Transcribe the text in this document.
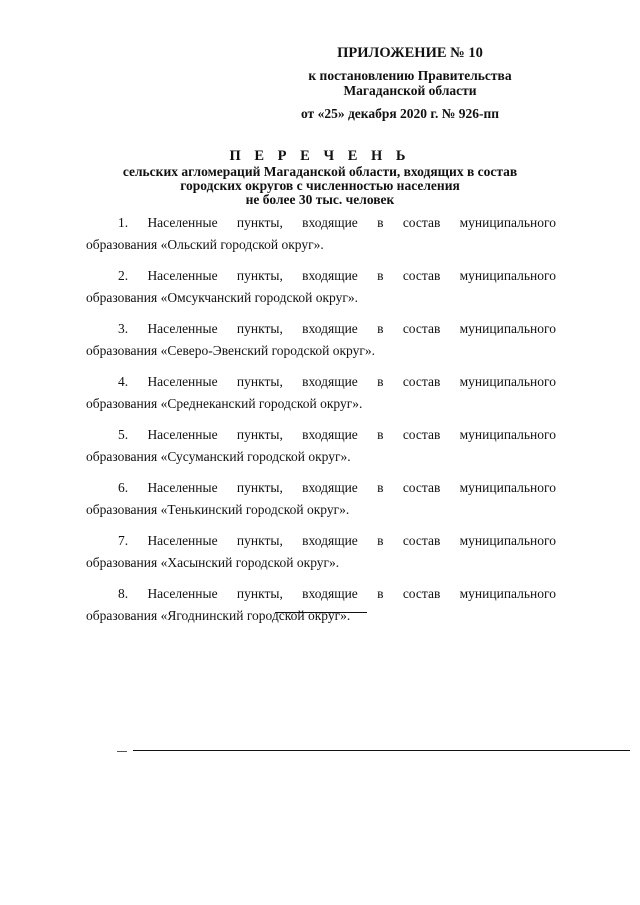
ПРИЛОЖЕНИЕ № 10
к постановлению Правительства
Магаданской области
от «25» декабря 2020 г. № 926-пп
П Е Р Е Ч Е Н Ь
сельских агломераций Магаданской области, входящих в состав
городских округов с численностью населения
не более 30 тыс. человек
1. Населенные пункты, входящие в состав муниципального
образования «Ольский городской округ».
2. Населенные пункты, входящие в состав муниципального
образования «Омсукчанский городской округ».
3. Населенные пункты, входящие в состав муниципального
образования «Северо-Эвенский городской округ».
4. Населенные пункты, входящие в состав муниципального
образования «Среднеканский городской округ».
5. Населенные пункты, входящие в состав муниципального
образования «Сусуманский городской округ».
6. Населенные пункты, входящие в состав муниципального
образования «Тенькинский городской округ».
7. Населенные пункты, входящие в состав муниципального
образования «Хасынский городской округ».
8. Населенные пункты, входящие в состав муниципального
образования «Ягоднинский городской округ».
